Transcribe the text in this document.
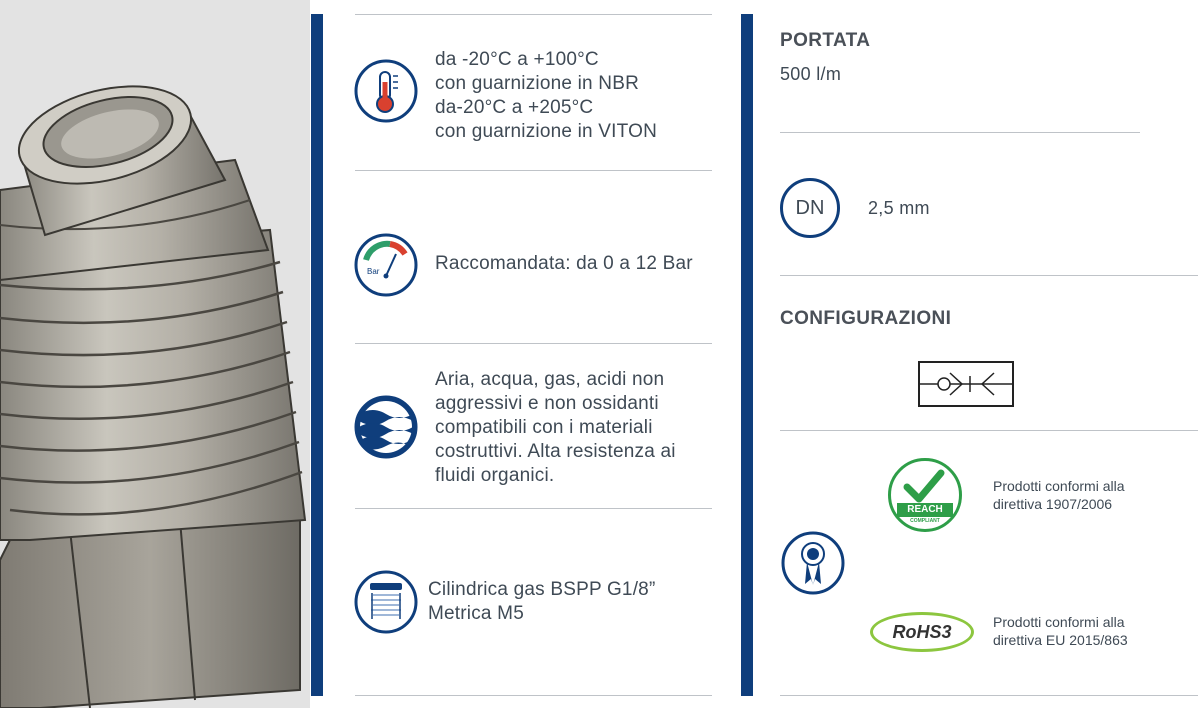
da -20°C a +100°C
con guarnizione in NBR
da-20°C a +205°C
con guarnizione in VITON
Bar	Raccomandata: da 0 a 12 Bar
Aria, acqua, gas, acidi non
aggressivi e non ossidanti
compatibili con i materiali
costruttivi. Alta resistenza ai
fluidi organici.
Cilindrica gas BSPP G1/8”
Metrica M5
PORTATA
500 l/m
DN 2,5 mm
CONFIGURAZIONI
REACH
COMPLIANT
Prodotti conformi alla
direttiva 1907/2006
RoHS3	Prodotti conformi alla
direttiva EU 2015/863
